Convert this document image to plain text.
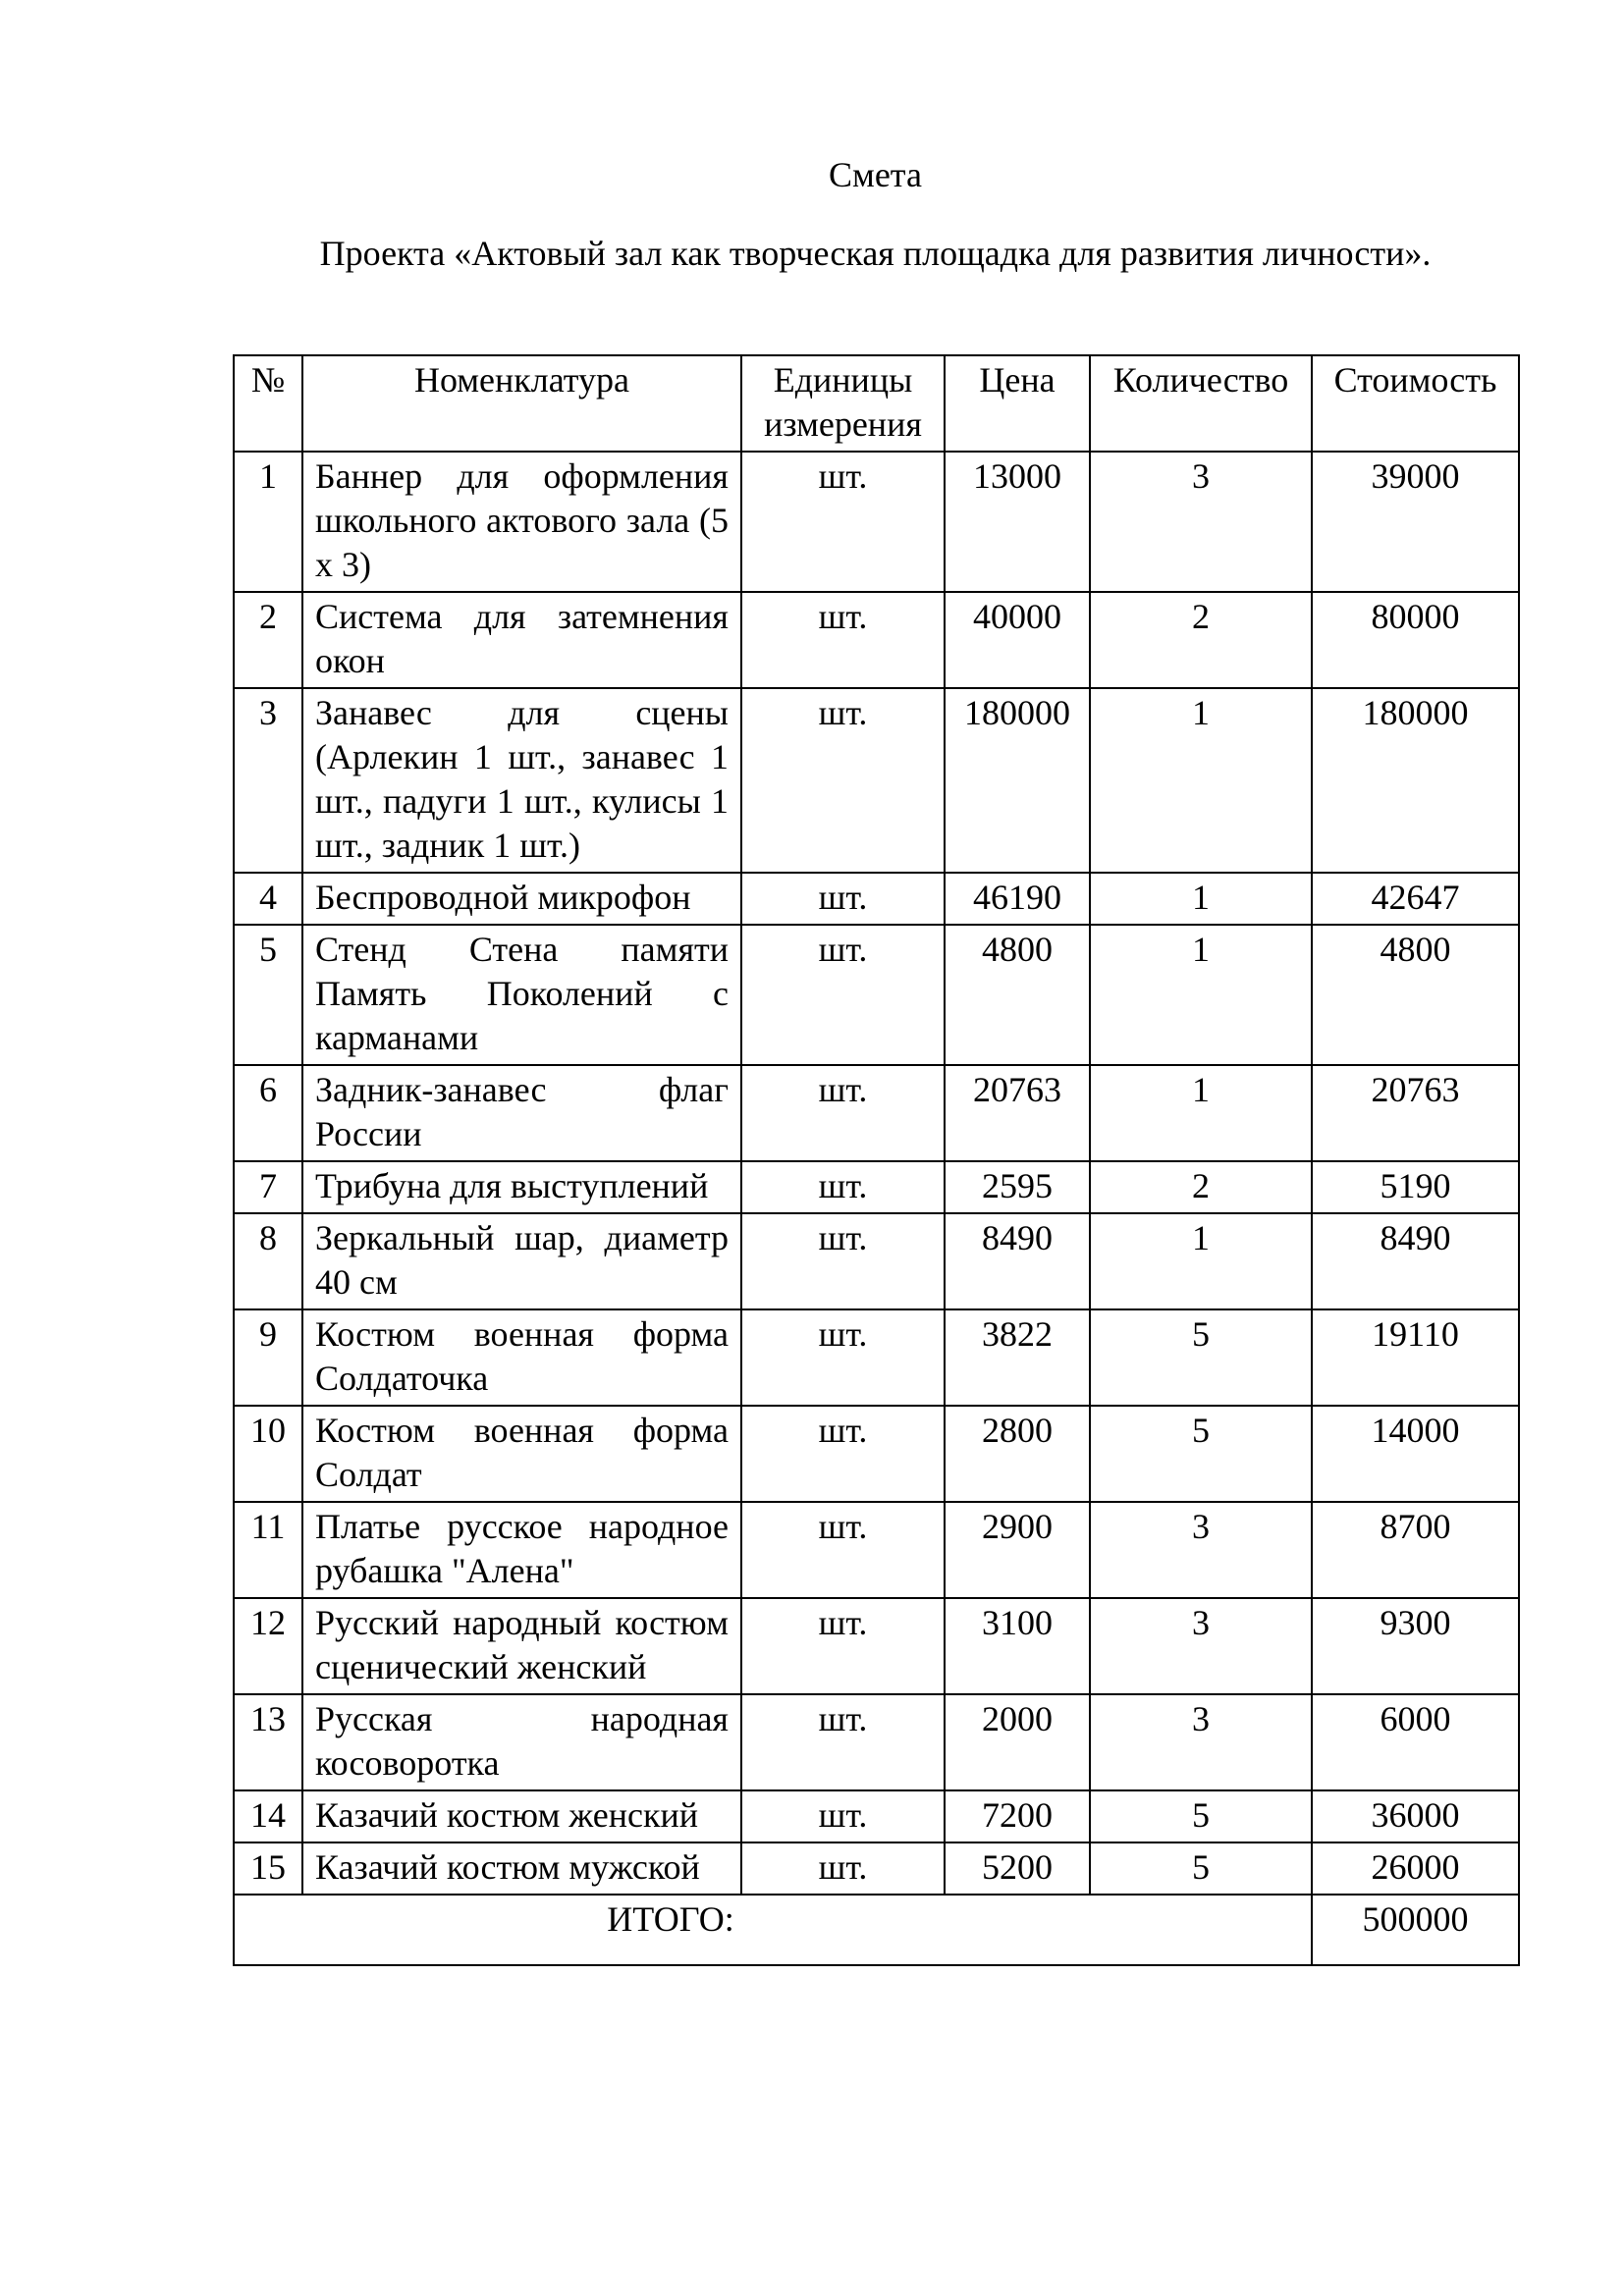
Смета
Проекта «Актовый зал как творческая площадка для развития личности».
№	Номенклатура	Единицы измерения	Цена	Количество	Стоимость
1	Баннер для оформления школьного актового зала (5 х 3)	шт.	13000	3	39000
2	Система для затемнения окон	шт.	40000	2	80000
3	Занавес для сцены (Арлекин 1 шт., занавес 1 шт., падуги 1 шт., кулисы 1 шт., задник 1 шт.)	шт.	180000	1	180000
4	Беспроводной микрофон	шт.	46190	1	42647
5	Стенд Стена памяти Память Поколений с карманами	шт.	4800	1	4800
6	Задник-занавес флаг России	шт.	20763	1	20763
7	Трибуна для выступлений	шт.	2595	2	5190
8	Зеркальный шар, диаметр 40 см	шт.	8490	1	8490
9	Костюм военная форма Солдаточка	шт.	3822	5	19110
10	Костюм военная форма Солдат	шт.	2800	5	14000
11	Платье русское народное рубашка "Алена"	шт.	2900	3	8700
12	Русский народный костюм сценический женский	шт.	3100	3	9300
13	Русская народная косоворотка	шт.	2000	3	6000
14	Казачий костюм женский	шт.	7200	5	36000
15	Казачий костюм мужской	шт.	5200	5	26000
ИТОГО:					500000
